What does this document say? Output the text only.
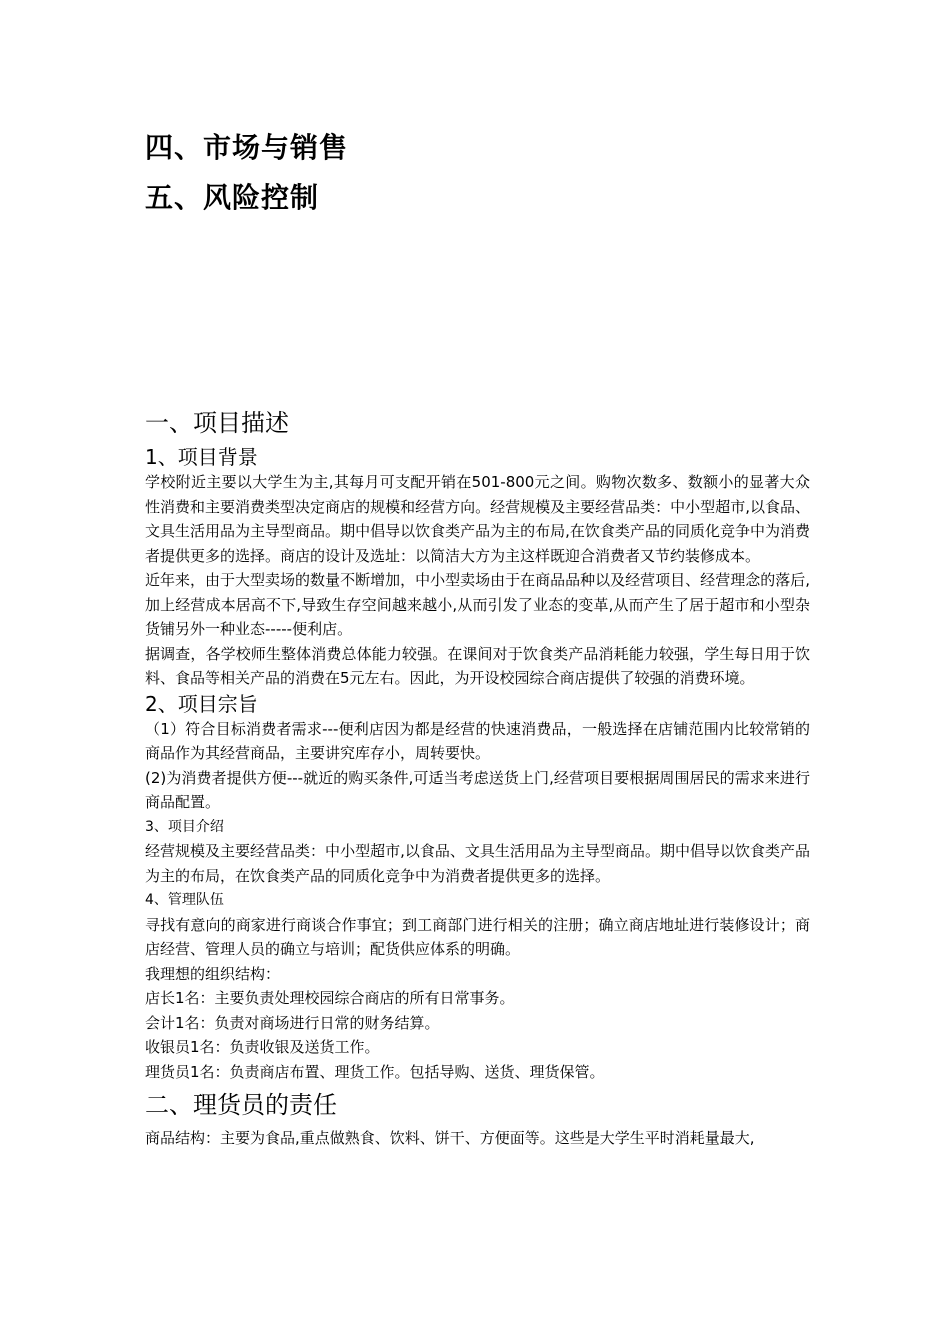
四、市场与销售
五、风险控制
一、项目描述
1、项目背景

学校附近主要以大学生为主,其每月可支配开销在501-800元之间。购物次数多、数额小的显著大众性消费和主要消费类型决定商店的规模和经营方向。经营规模及主要经营品类：中小型超市,以食品、文具生活用品为主导型商品。期中倡导以饮食类产品为主的布局,在饮食类产品的同质化竞争中为消费者提供更多的选择。商店的设计及选址：以简洁大方为主这样既迎合消费者又节约装修成本。

近年来，由于大型卖场的数量不断增加，中小型卖场由于在商品品种以及经营项目、经营理念的落后,加上经营成本居高不下,导致生存空间越来越小,从而引发了业态的变革,从而产生了居于超市和小型杂货铺另外一种业态-----便利店。

据调查，各学校师生整体消费总体能力较强。在课间对于饮食类产品消耗能力较强，学生每日用于饮料、食品等相关产品的消费在5元左右。因此，为开设校园综合商店提供了较强的消费环境。

2、项目宗旨

（1）符合目标消费者需求---便利店因为都是经营的快速消费品，一般选择在店铺范围内比较常销的商品作为其经营商品，主要讲究库存小，周转要快。

(2)为消费者提供方便---就近的购买条件,可适当考虑送货上门,经营项目要根据周围居民的需求来进行商品配置。

3、项目介绍

经营规模及主要经营品类：中小型超市,以食品、文具生活用品为主导型商品。期中倡导以饮食类产品为主的布局，在饮食类产品的同质化竞争中为消费者提供更多的选择。

4、管理队伍

寻找有意向的商家进行商谈合作事宜；到工商部门进行相关的注册；确立商店地址进行装修设计；商店经营、管理人员的确立与培训；配货供应体系的明确。

我理想的组织结构：

店长1名：主要负责处理校园综合商店的所有日常事务。

会计1名：负责对商场进行日常的财务结算。

收银员1名：负责收银及送货工作。

理货员1名：负责商店布置、理货工作。包括导购、送货、理货保管。

二、理货员的责任

商品结构：主要为食品,重点做熟食、饮料、饼干、方便面等。这些是大学生平时消耗量最大,
